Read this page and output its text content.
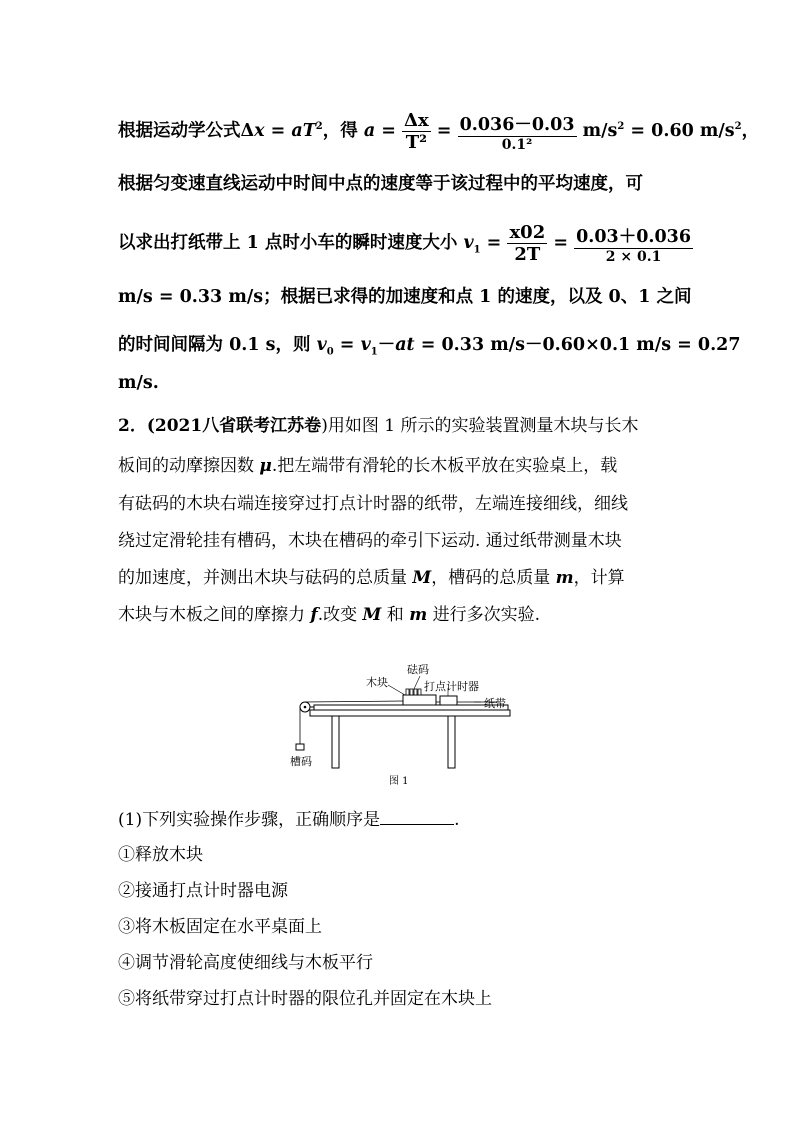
根据运动学公式$\Delta x = aT^2$，得 $a = \frac{\Delta x}{\text{T²}} = \frac{0.036-0.03}{\text{0.1²}} m/s^2 = 0.60$ $m/s^2$，
根据匀变速直线运动中时间中点的速度等于该过程中的平均速度，可
以求出打纸带上 1 点时小车的瞬时速度大小 $v_1 = \frac{x02}{2T} = \frac{0.03+0.036}{2 \times 0.1}$
m/s = 0.33 m/s；根据已求得的加速度和点 1 的速度，以及 0、1 之间
的时间间隔为 0.1 s，则 $v_0 = v_1-at = 0.33$ m/s－0.60×0.1 m/s = 0.27
m/s.
2．(2021八省联考江苏卷)用如图 1 所示的实验装置测量木块与长木
板间的动摩擦因数 μ.把左端带有滑轮的长木板平放在实验桌上，载
有砝码的木块右端连接穿过打点计时器的纸带，左端连接细线，细线
绕过定滑轮挂有槽码，木块在槽码的牵引下运动. 通过纸带测量木块
的加速度，并测出木块与砝码的总质量 M，槽码的总质量 m，计算
木块与木板之间的摩擦力 f.改变 M 和 m 进行多次实验.
砝码
木块	打点计时器
纸带
槽码
图 1
(1)下列实验操作步骤，正确顺序是	.
①释放木块
②接通打点计时器电源
③将木板固定在水平桌面上
④调节滑轮高度使细线与木板平行
⑤将纸带穿过打点计时器的限位孔并固定在木块上
